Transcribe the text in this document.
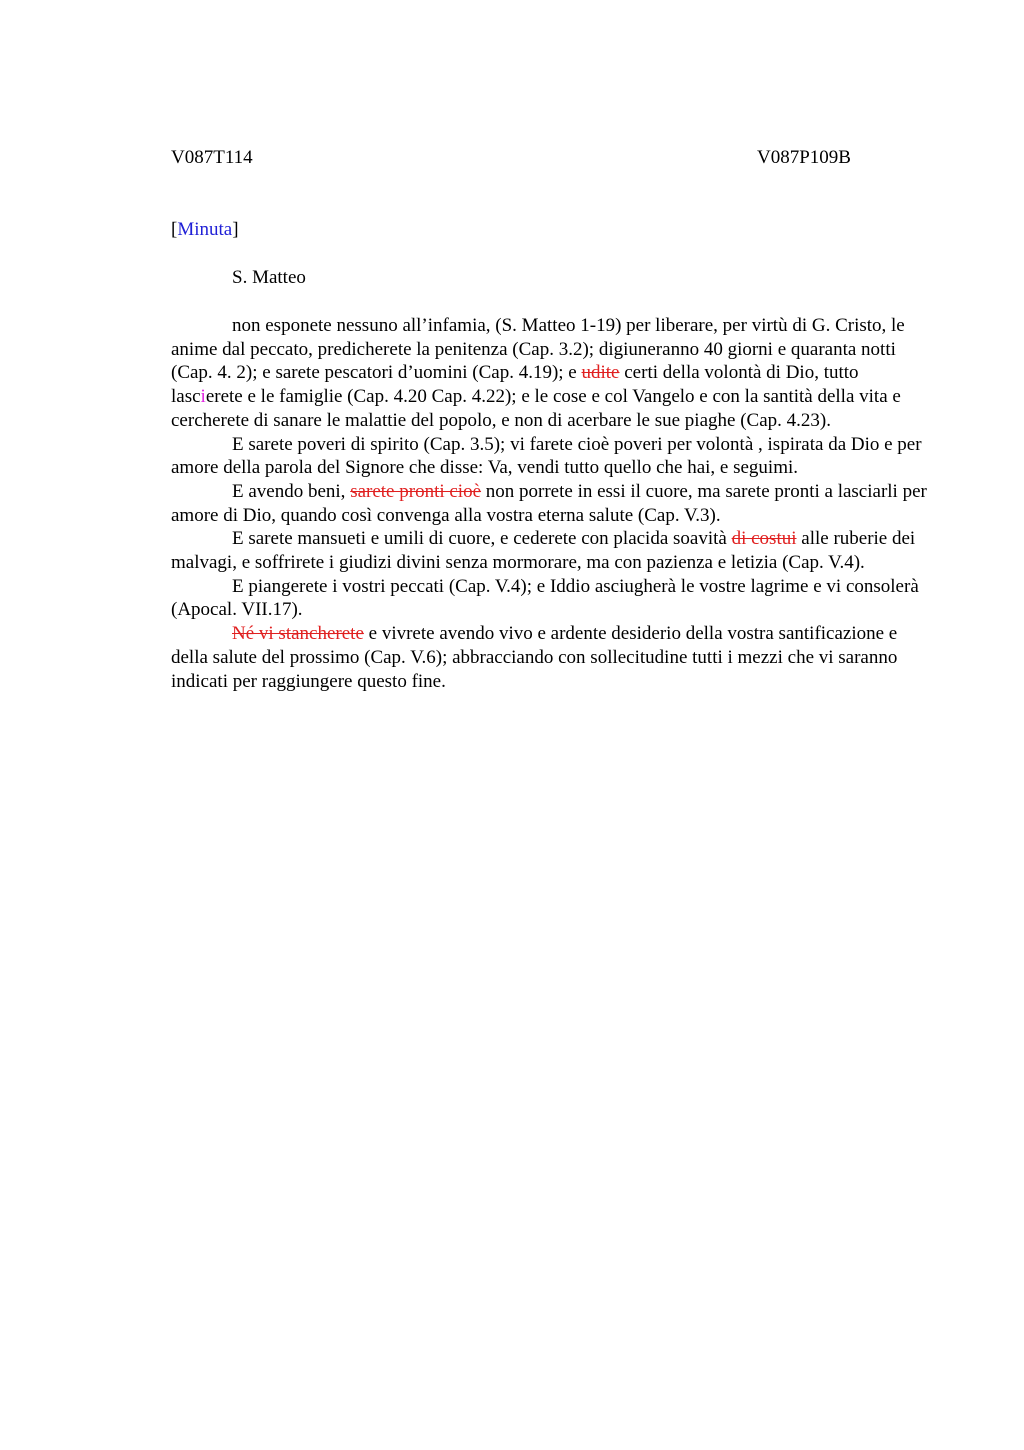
V087T114	V087P109B
[Minuta]
S. Matteo

non esponete nessuno all’infamia, (S. Matteo 1-19) per liberare, per virtù di G. Cristo, le anime dal peccato, predicherete la penitenza (Cap. 3.2); digiuneranno 40 giorni e quaranta notti (Cap. 4. 2); e sarete pescatori d’uomini (Cap. 4.19); e udite certi della volontà di Dio, tutto lascierete e le famiglie (Cap. 4.20 Cap. 4.22); e le cose e col Vangelo e con la santità della vita e cercherete di sanare le malattie del popolo, e non di acerbare le sue piaghe (Cap. 4.23).

E sarete poveri di spirito (Cap. 3.5); vi farete cioè poveri per volontà , ispirata da Dio e per amore della parola del Signore che disse: Va, vendi tutto quello che hai, e seguimi.

E avendo beni, sarete pronti cioè non porrete in essi il cuore, ma sarete pronti a lasciarli per amore di Dio, quando così convenga alla vostra eterna salute (Cap. V.3).

E sarete mansueti e umili di cuore, e cederete con placida soavità di costui alle ruberie dei malvagi, e soffrirete i giudizi divini senza mormorare, ma con pazienza e letizia (Cap. V.4).

E piangerete i vostri peccati (Cap. V.4); e Iddio asciugherà le vostre lagrime e vi consolerà (Apocal. VII.17).

Né vi stancherete e vivrete avendo vivo e ardente desiderio della vostra santificazione e della salute del prossimo (Cap. V.6); abbracciando con sollecitudine tutti i mezzi che vi saranno indicati per raggiungere questo fine.
